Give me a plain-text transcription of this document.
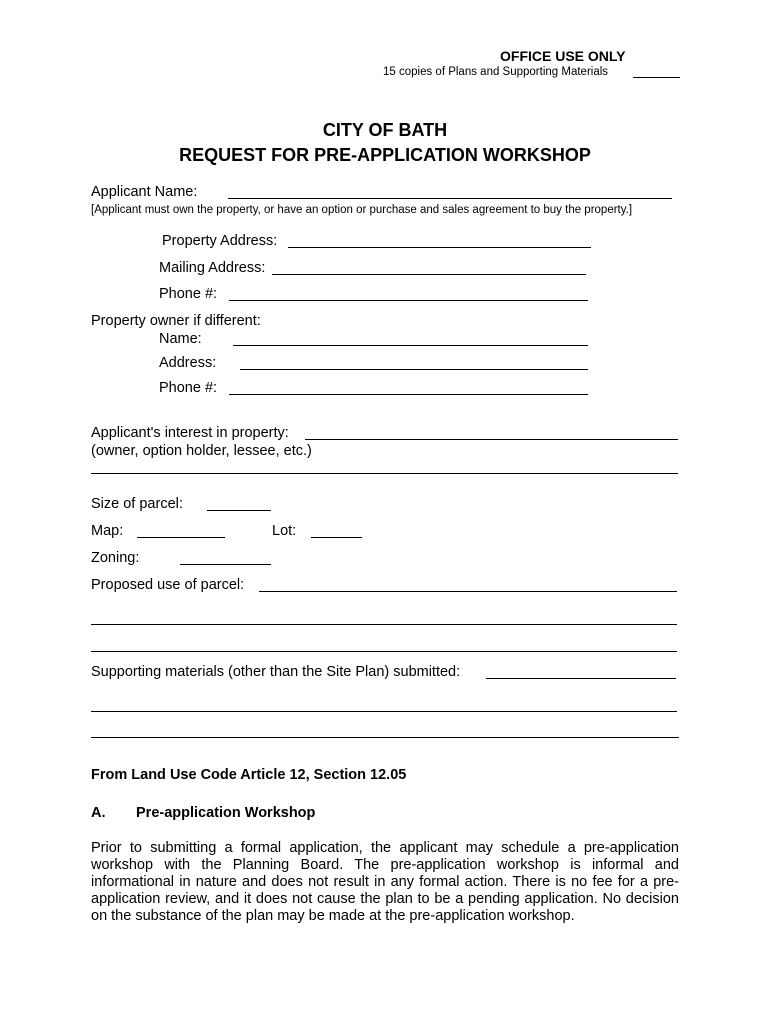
OFFICE USE ONLY
15 copies of Plans and Supporting Materials
CITY OF BATH
REQUEST FOR PRE-APPLICATION WORKSHOP
Applicant Name:
[Applicant must own the property, or have an option or purchase and sales agreement to buy the property.]
Property Address:
Mailing Address:
Phone #:
Property owner if different:
Name:
Address:
Phone #:
Applicant's interest in property:
(owner, option holder, lessee, etc.)
Size of parcel:
Map:	Lot:
Zoning:
Proposed use of parcel:
Supporting materials (other than the Site Plan) submitted:
From Land Use Code Article 12, Section 12.05
A. Pre-application Workshop
Prior to submitting a formal application, the applicant may schedule a pre-application workshop with the Planning Board. The pre-application workshop is informal and informational in nature and does not result in any formal action. There is no fee for a pre-application review, and it does not cause the plan to be a pending application. No decision on the substance of the plan may be made at the pre-application workshop.
